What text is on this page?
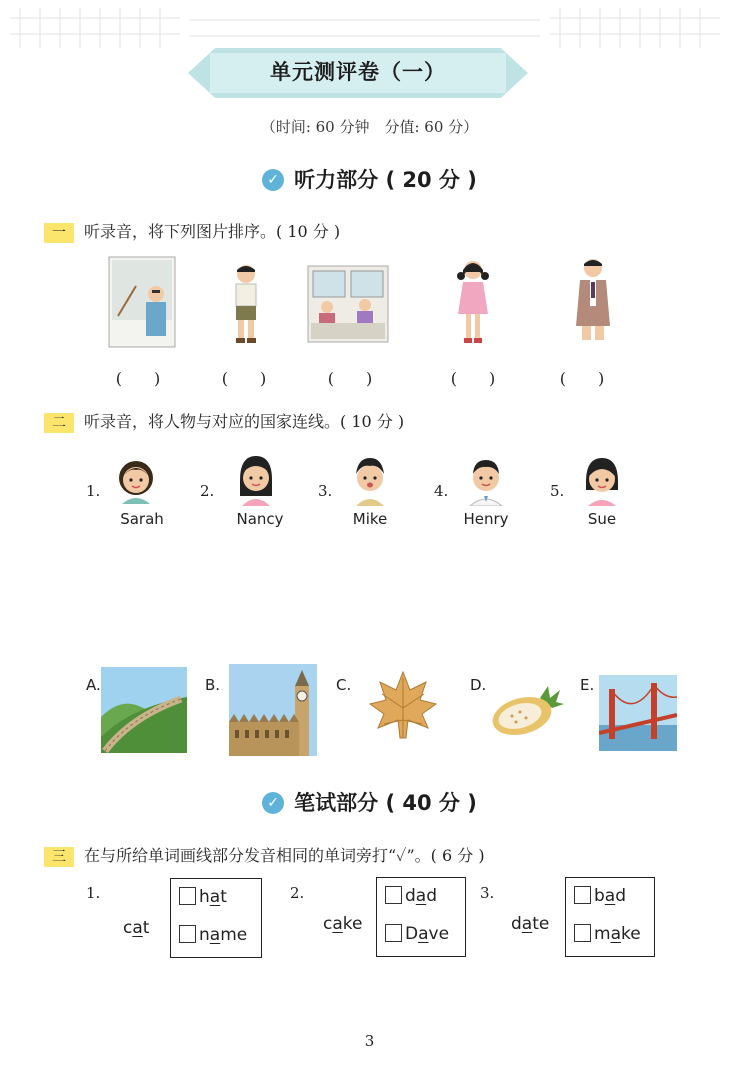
单元测评卷（一）
（时间: 60 分钟　分值: 60 分）
✓ 听力部分 ( 20 分 )
一 听录音，将下列图片排序。( 10 分 )
(　　)	(　　)	(　　)	(　　)	(　　)
二 听录音，将人物与对应的国家连线。( 10 分 )
1.
Sarah
2.
Nancy
3.
Mike
4.
Henry
5.
Sue
A.	B.	C.	D.	E.
✓ 笔试部分 ( 40 分 )
三 在与所给单词画线部分发音相同的单词旁打“✓”。( 6 分 )
1.
cat
hat
name
2.
cake
dad
Dave
3.
date
bad
make
3
